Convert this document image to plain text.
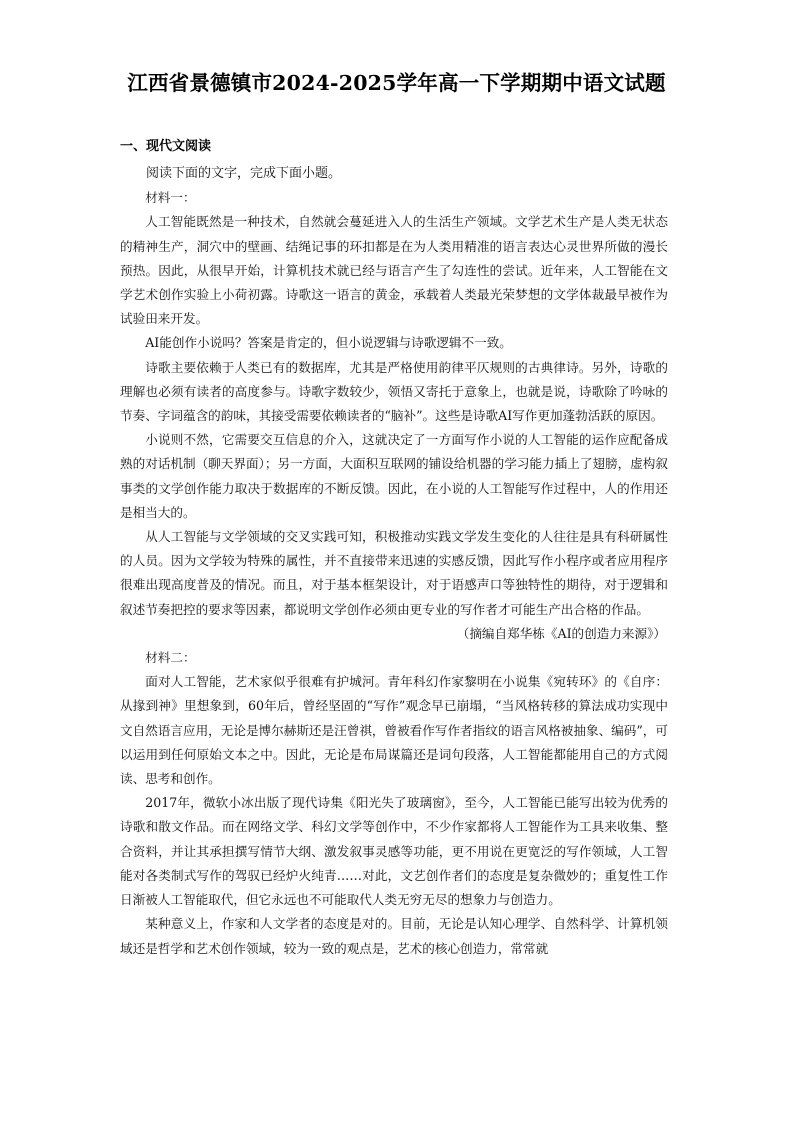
江西省景德镇市2024-2025学年高一下学期期中语文试题
一、现代文阅读

阅读下面的文字，完成下面小题。

材料一：

人工智能既然是一种技术，自然就会蔓延进入人的生活生产领域。文学艺术生产是人类无状态的精神生产，洞穴中的壁画、结绳记事的环扣都是在为人类用精准的语言表达心灵世界所做的漫长预热。因此，从很早开始，计算机技术就已经与语言产生了勾连性的尝试。近年来，人工智能在文学艺术创作实验上小荷初露。诗歌这一语言的黄金，承载着人类最光荣梦想的文学体裁最早被作为试验田来开发。

AI能创作小说吗？答案是肯定的，但小说逻辑与诗歌逻辑不一致。

诗歌主要依赖于人类已有的数据库，尤其是严格使用韵律平仄规则的古典律诗。另外，诗歌的理解也必须有读者的高度参与。诗歌字数较少，领悟又寄托于意象上，也就是说，诗歌除了吟咏的节奏、字词蕴含的韵味，其接受需要依赖读者的“脑补”。这些是诗歌AI写作更加蓬勃活跃的原因。

小说则不然，它需要交互信息的介入，这就决定了一方面写作小说的人工智能的运作应配备成熟的对话机制（聊天界面）；另一方面，大面积互联网的铺设给机器的学习能力插上了翅膀，虚构叙事类的文学创作能力取决于数据库的不断反馈。因此，在小说的人工智能写作过程中，人的作用还是相当大的。

从人工智能与文学领域的交叉实践可知，积极推动实践文学发生变化的人往往是具有科研属性的人员。因为文学较为特殊的属性，并不直接带来迅速的实感反馈，因此写作小程序或者应用程序很难出现高度普及的情况。而且，对于基本框架设计，对于语感声口等独特性的期待，对于逻辑和叙述节奏把控的要求等因素，都说明文学创作必须由更专业的写作者才可能生产出合格的作品。

（摘编自郑华栋《AI的创造力来源》）

材料二：

面对人工智能，艺术家似乎很难有护城河。青年科幻作家黎明在小说集《宛转环》的《自序：从掾到神》里想象到，60年后，曾经坚固的“写作”观念早已崩塌，“当风格转移的算法成功实现中文自然语言应用，无论是博尔赫斯还是汪曾祺，曾被看作写作者指纹的语言风格被抽象、编码”，可以运用到任何原始文本之中。因此，无论是布局谋篇还是词句段落，人工智能都能用自己的方式阅读、思考和创作。

2017年，微软小冰出版了现代诗集《阳光失了玻璃窗》，至今，人工智能已能写出较为优秀的诗歌和散文作品。而在网络文学、科幻文学等创作中，不少作家都将人工智能作为工具来收集、整合资料，并让其承担撰写情节大纲、激发叙事灵感等功能，更不用说在更宽泛的写作领域，人工智能对各类制式写作的驾驭已经炉火纯青……对此，文艺创作者们的态度是复杂微妙的；重复性工作日渐被人工智能取代，但它永远也不可能取代人类无穷无尽的想象力与创造力。

某种意义上，作家和人文学者的态度是对的。目前，无论是认知心理学、自然科学、计算机领域还是哲学和艺术创作领域，较为一致的观点是，艺术的核心创造力，常常就
